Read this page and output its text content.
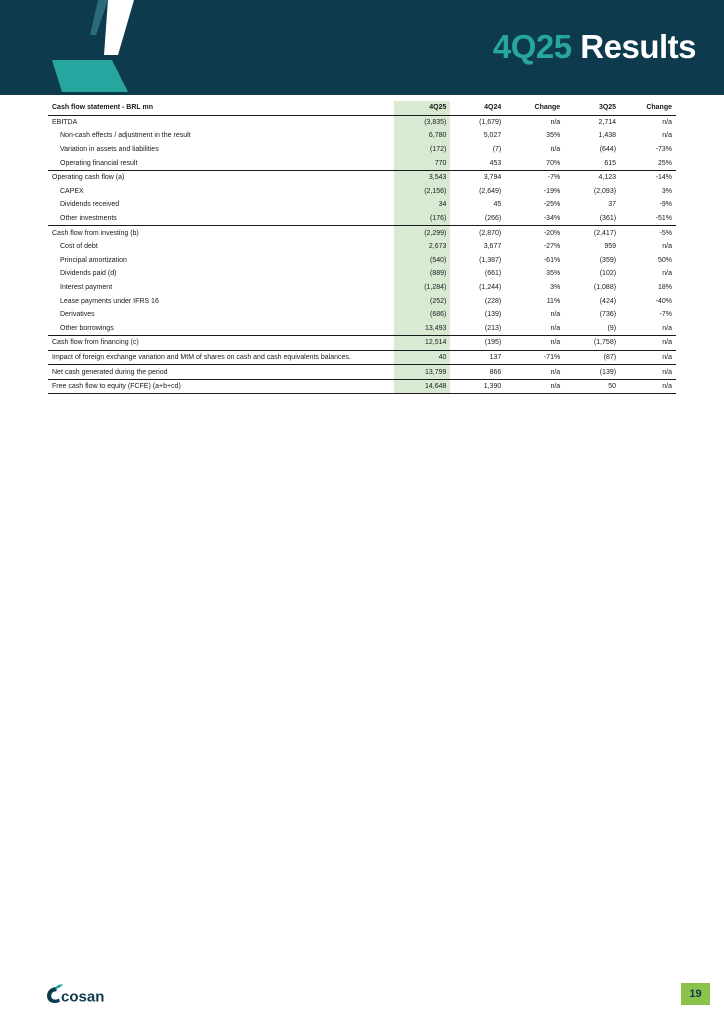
4Q25 Results
Cash flow statement - BRL mn	4Q25	4Q24	Change	3Q25	Change
EBITDA	(3,835)	(1,679)	n/a	2,714	n/a
Non-cash effects / adjustment in the result	6,780	5,027	35%	1,438	n/a
Variation in assets and liabilities	(172)	(7)	n/a	(644)	-73%
Operating financial result	770	453	70%	615	25%
Operating cash flow (a)	3,543	3,794	-7%	4,123	-14%
CAPEX	(2,156)	(2,649)	-19%	(2,093)	3%
Dividends received	34	45	-25%	37	-9%
Other investments	(176)	(266)	-34%	(361)	-51%
Cash flow from investing (b)	(2,299)	(2,870)	-20%	(2,417)	-5%
Cost of debt	2,673	3,677	-27%	959	n/a
Principal amortization	(540)	(1,387)	-61%	(359)	50%
Dividends paid (d)	(889)	(661)	35%	(102)	n/a
Interest payment	(1,284)	(1,244)	3%	(1,088)	18%
Lease payments under IFRS 16	(252)	(228)	11%	(424)	-40%
Derivatives	(686)	(139)	n/a	(736)	-7%
Other borrowings	13,493	(213)	n/a	(9)	n/a
Cash flow from financing (c)	12,514	(195)	n/a	(1,758)	n/a
Impact of foreign exchange variation and MtM of shares on cash and cash equivalents balances.	40	137	-71%	(87)	n/a
Net cash generated during the period	13,799	866	n/a	(139)	n/a
Free cash flow to equity (FCFE) (a+b+cd)	14,648	1,390	n/a	50	n/a
cosan	19
